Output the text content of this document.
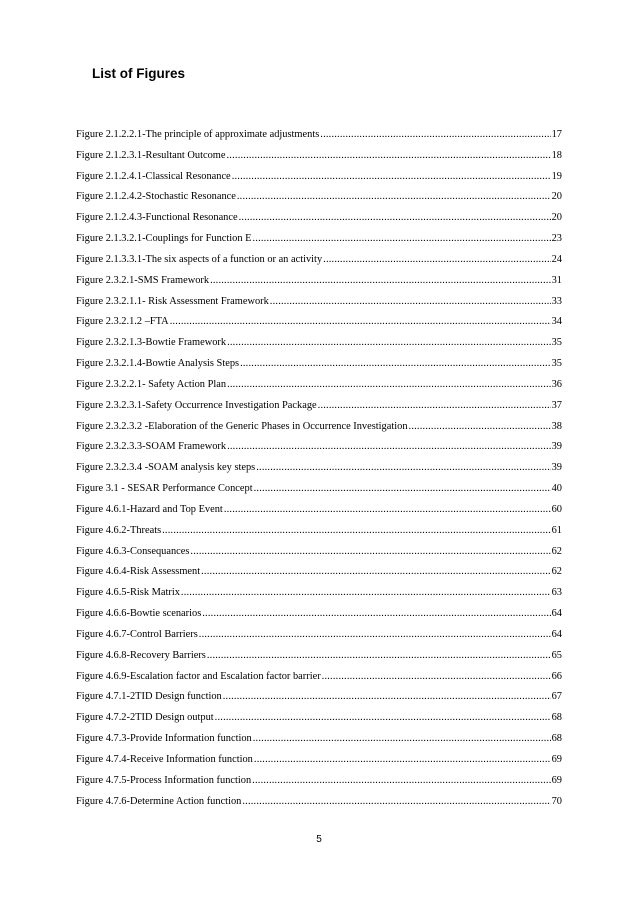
List of Figures
Figure 2.1.2.2.1-The principle of approximate adjustments .....	17
Figure 2.1.2.3.1-Resultant Outcome .....	18
Figure 2.1.2.4.1-Classical Resonance .....	19
Figure 2.1.2.4.2-Stochastic Resonance .....	20
Figure 2.1.2.4.3-Functional Resonance .....	20
Figure 2.1.3.2.1-Couplings for Function E .....	23
Figure 2.1.3.3.1-The six aspects of a function or an activity .....	24
Figure 2.3.2.1-SMS Framework .....	31
Figure 2.3.2.1.1- Risk Assessment Framework .....	33
Figure 2.3.2.1.2 –FTA .....	34
Figure 2.3.2.1.3-Bowtie Framework .....	35
Figure 2.3.2.1.4-Bowtie Analysis Steps .....	35
Figure 2.3.2.2.1- Safety Action Plan .....	36
Figure 2.3.2.3.1-Safety Occurrence Investigation Package .....	37
Figure 2.3.2.3.2 -Elaboration of the Generic Phases in Occurrence Investigation .....	38
Figure 2.3.2.3.3-SOAM Framework .....	39
Figure 2.3.2.3.4 -SOAM analysis key steps .....	39
Figure 3.1 - SESAR Performance Concept .....	40
Figure 4.6.1-Hazard and Top Event .....	60
Figure 4.6.2-Threats .....	61
Figure 4.6.3-Consequances .....	62
Figure 4.6.4-Risk Assessment .....	62
Figure 4.6.5-Risk Matrix .....	63
Figure 4.6.6-Bowtie scenarios .....	64
Figure 4.6.7-Control Barriers .....	64
Figure 4.6.8-Recovery Barriers .....	65
Figure 4.6.9-Escalation factor and Escalation factor barrier .....	66
Figure 4.7.1-2TID Design function .....	67
Figure 4.7.2-2TID Design output .....	68
Figure 4.7.3-Provide Information function .....	68
Figure 4.7.4-Receive Information function .....	69
Figure 4.7.5-Process Information function .....	69
Figure 4.7.6-Determine Action function .....	70
5
